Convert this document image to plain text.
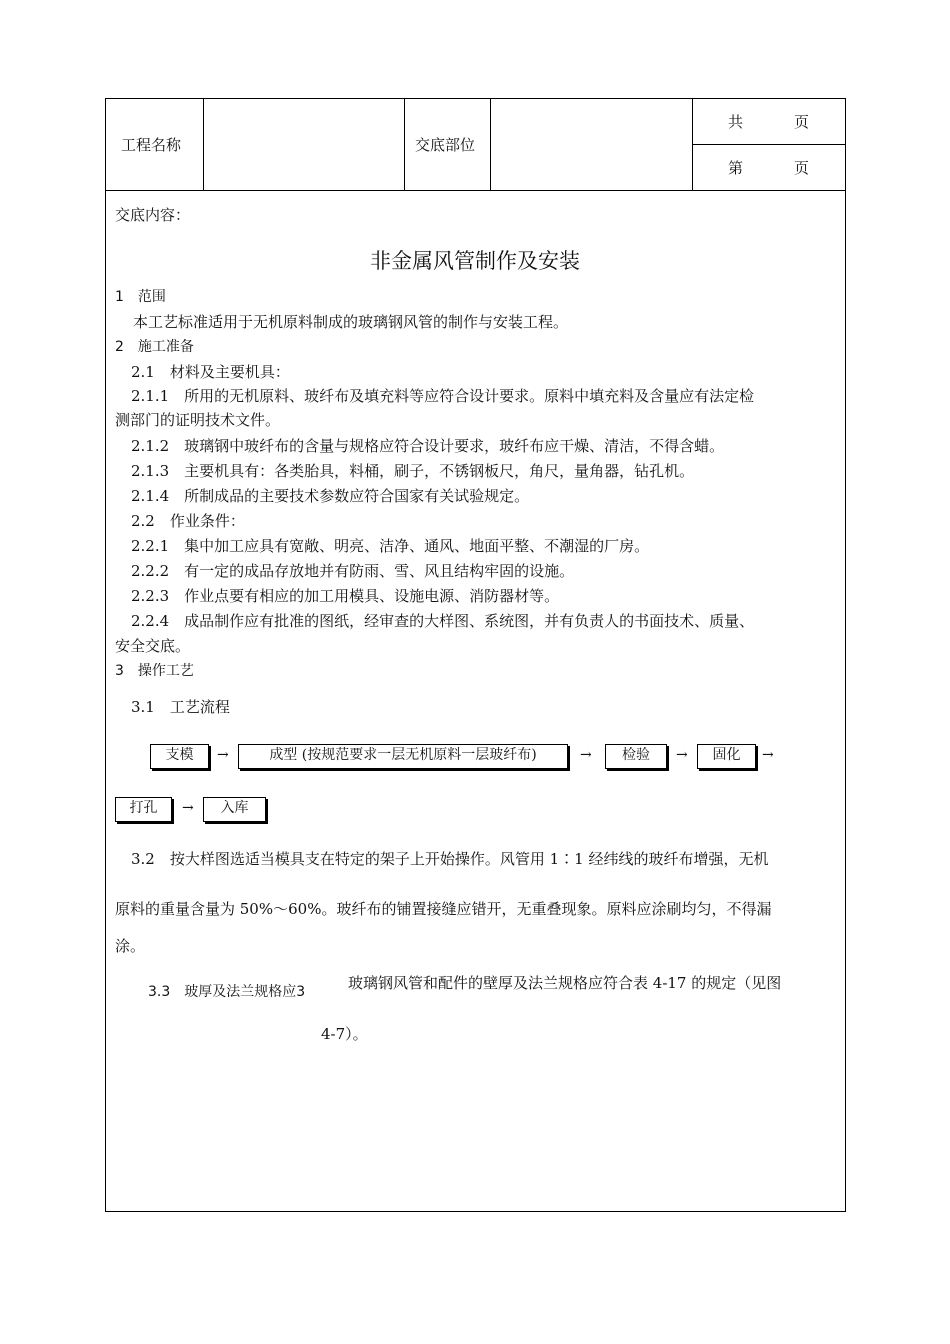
工程名称	交底部位
共	页
第	页
交底内容：
非金属风管制作及安装
1　范围
本工艺标准适用于无机原料制成的玻璃钢风管的制作与安装工程。
2　施工准备
2.1　材料及主要机具：
2.1.1　所用的无机原料、玻纤布及填充料等应符合设计要求。原料中填充料及含量应有法定检
测部门的证明技术文件。
2.1.2　玻璃钢中玻纤布的含量与规格应符合设计要求，玻纤布应干燥、清洁，不得含蜡。
2.1.3　主要机具有：各类胎具，料桶，刷子，不锈钢板尺，角尺，量角器，钻孔机。
2.1.4　所制成品的主要技术参数应符合国家有关试验规定。
2.2　作业条件：
2.2.1　集中加工应具有宽敞、明亮、洁净、通风、地面平整、不潮湿的厂房。
2.2.2　有一定的成品存放地并有防雨、雪、风且结构牢固的设施。
2.2.3　作业点要有相应的加工用模具、设施电源、消防器材等。
2.2.4　成品制作应有批准的图纸，经审查的大样图、系统图，并有负责人的书面技术、质量、
安全交底。
3　操作工艺
3.1　工艺流程
支模	→	成型 (按规范要求一层无机原料一层玻纤布)	→	检验	→	固化	→
打孔	→	入库
3.2　按大样图选适当模具支在特定的架子上开始操作。风管用 1∶1 经纬线的玻纤布增强，无机
原料的重量含量为 50%～60%。玻纤布的铺置接缝应错开，无重叠现象。原料应涂刷均匀，不得漏
涂。
3.3　玻厚及法兰规格应3	玻璃钢风管和配件的壁厚及法兰规格应符合表 4-17 的规定（见图
4-7）。
